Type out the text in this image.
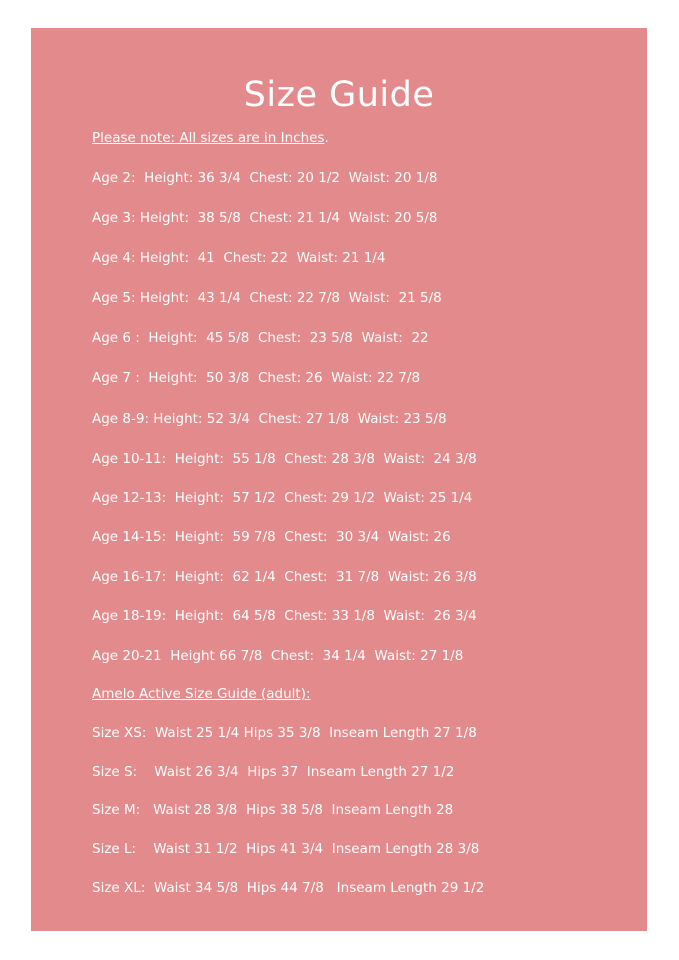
Size Guide

Please note: All sizes are in Inches.

Age 2:  Height: 36 3/4  Chest: 20 1/2  Waist: 20 1/8

Age 3: Height:  38 5/8  Chest: 21 1/4  Waist: 20 5/8

Age 4: Height:  41  Chest: 22  Waist: 21 1/4

Age 5: Height:  43 1/4  Chest: 22 7/8  Waist:  21 5/8

Age 6 :  Height:  45 5/8  Chest:  23 5/8  Waist:  22

Age 7 :  Height:  50 3/8  Chest: 26  Waist: 22 7/8

Age 8-9: Height: 52 3/4  Chest: 27 1/8  Waist: 23 5/8

Age 10-11:  Height:  55 1/8  Chest: 28 3/8  Waist:  24 3/8

Age 12-13:  Height:  57 1/2  Chest: 29 1/2  Waist: 25 1/4

Age 14-15:  Height:  59 7/8  Chest:  30 3/4  Waist: 26

Age 16-17:  Height:  62 1/4  Chest:  31 7/8  Waist: 26 3/8

Age 18-19:  Height:  64 5/8  Chest: 33 1/8  Waist:  26 3/4

Age 20-21  Height 66 7/8  Chest:  34 1/4  Waist: 27 1/8

Amelo Active Size Guide (adult):

Size XS:  Waist 25 1/4 Hips 35 3/8  Inseam Length 27 1/8

Size S:    Waist 26 3/4  Hips 37  Inseam Length 27 1/2

Size M:   Waist 28 3/8  Hips 38 5/8  Inseam Length 28

Size L:    Waist 31 1/2  Hips 41 3/4  Inseam Length 28 3/8

Size XL:  Waist 34 5/8  Hips 44 7/8   Inseam Length 29 1/2
